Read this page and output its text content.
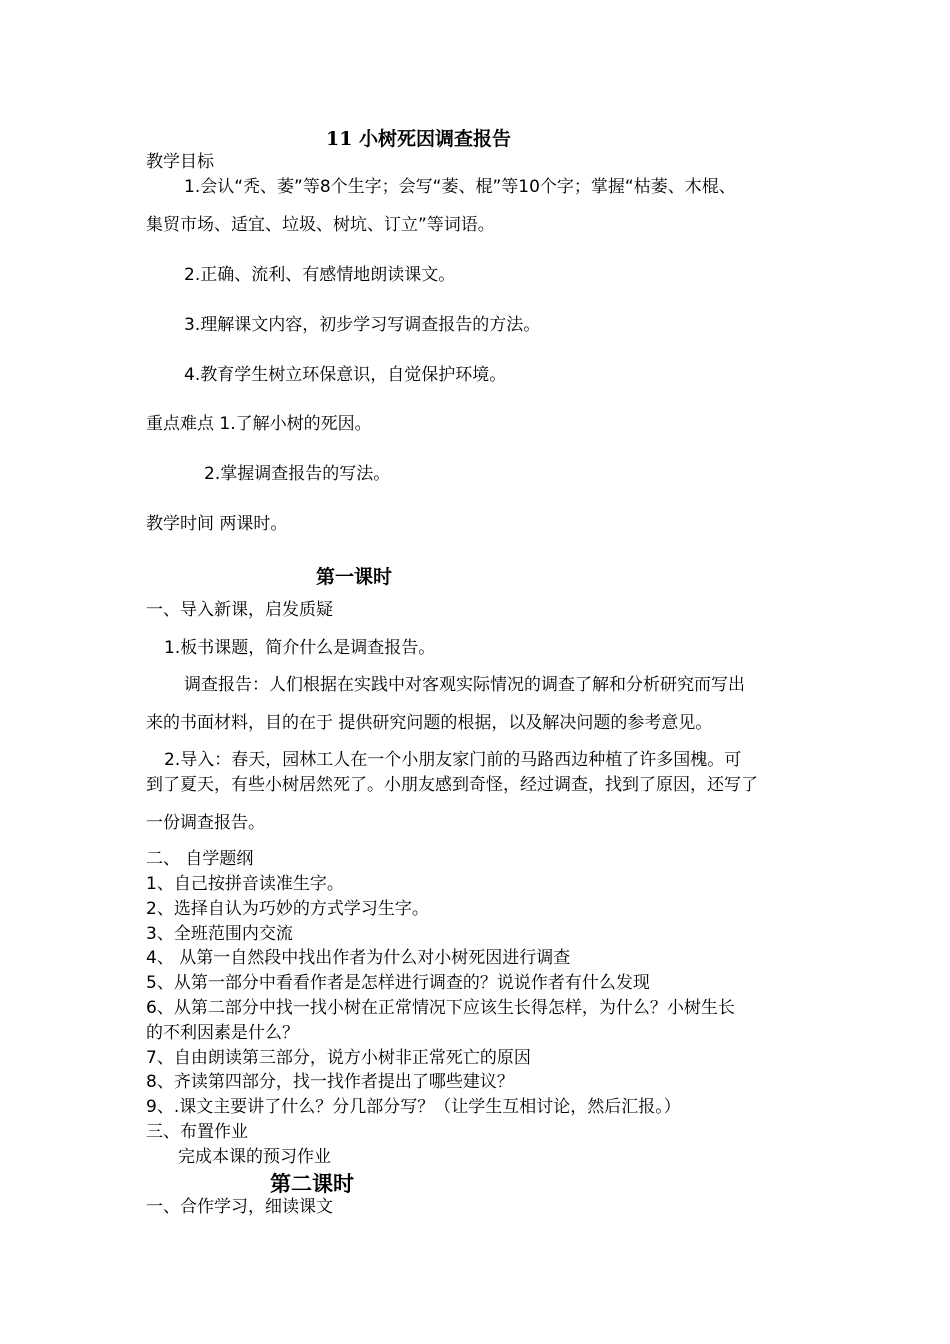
11 小树死因调查报告
教学目标
1.会认“秃、萎”等8个生字；会写“萎、棍”等10个字；掌握“枯萎、木棍、
集贸市场、适宜、垃圾、树坑、订立”等词语。
2.正确、流利、有感情地朗读课文。
3.理解课文内容，初步学习写调查报告的方法。
4.教育学生树立环保意识，自觉保护环境。
重点难点 1.了解小树的死因。
2.掌握调查报告的写法。
教学时间 两课时。
第一课时
一、导入新课，启发质疑
1.板书课题，简介什么是调查报告。
调查报告：人们根据在实践中对客观实际情况的调查了解和分析研究而写出
来的书面材料，目的在于 提供研究问题的根据，以及解决问题的参考意见。
2.导入：春天，园林工人在一个小朋友家门前的马路西边种植了许多国槐。可
到了夏天，有些小树居然死了。小朋友感到奇怪，经过调查，找到了原因，还写了
一份调查报告。
二、 自学题纲
1、自己按拼音读准生字。
2、选择自认为巧妙的方式学习生字。
3、全班范围内交流
4、 从第一自然段中找出作者为什么对小树死因进行调查
5、从第一部分中看看作者是怎样进行调查的？说说作者有什么发现
6、从第二部分中找一找小树在正常情况下应该生长得怎样，为什么？小树生长
的不利因素是什么？
7、自由朗读第三部分，说方小树非正常死亡的原因
8、齐读第四部分，找一找作者提出了哪些建议？
9、.课文主要讲了什么？分几部分写？（让学生互相讨论，然后汇报。）
三、布置作业
完成本课的预习作业
第二课时
一、合作学习，细读课文
